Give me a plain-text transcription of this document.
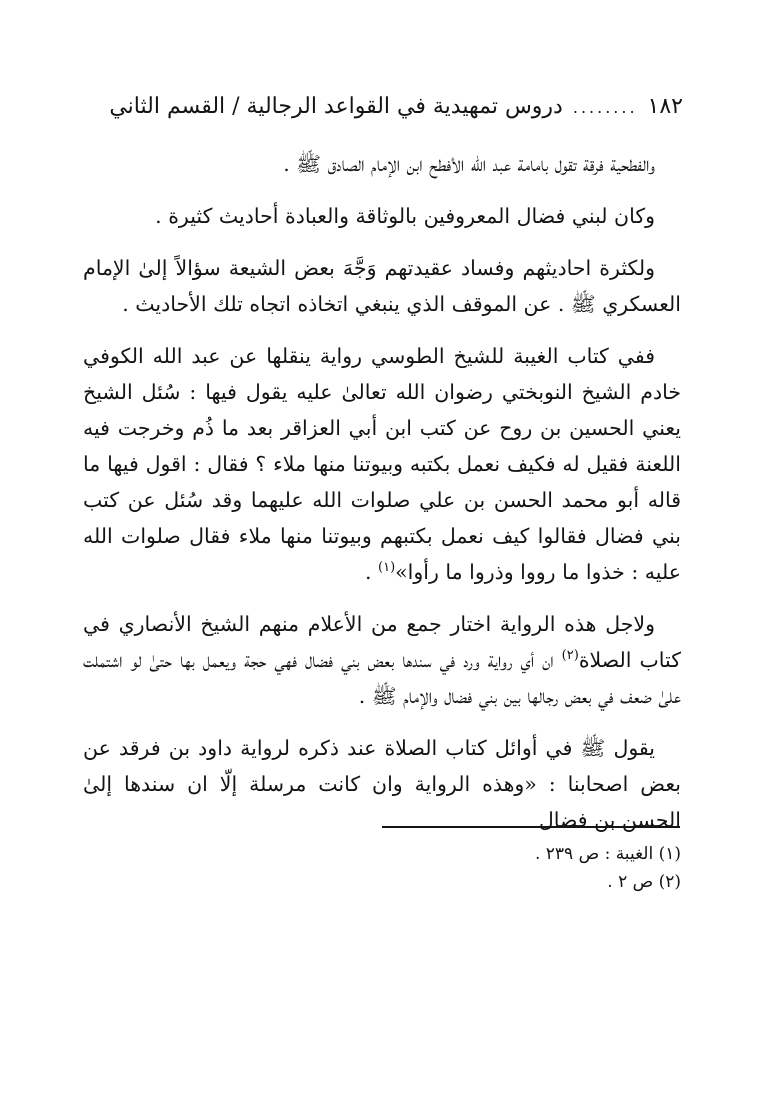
١٨٢
........
دروس تمهيدية في القواعد الرجالية / القسم الثاني

والفطحية فرقة تقول بامامة عبد الله الأفطح ابن الإمام الصادق ﷺ .

وكان لبني فضال المعروفين بالوثاقة والعبادة أحاديث كثيرة .

ولكثرة احاديثهم وفساد عقيدتهم وَجَّهَ بعض الشيعة سؤالاً إلىٰ الإمام العسكري ﷺ . عن الموقف الذي ينبغي اتخاذه اتجاه تلك الأحاديث .

ففي كتاب الغيبة للشيخ الطوسي رواية ينقلها عن عبد الله الكوفي خادم الشيخ النوبختي رضوان الله تعالىٰ عليه يقول فيها : سُئل الشيخ يعني الحسين بن روح عن كتب ابن أبي العزاقر بعد ما ذُم وخرجت فيه اللعنة فقيل له فكيف نعمل بكتبه وبيوتنا منها ملاء ؟ فقال : اقول فيها ما قاله أبو محمد الحسن بن علي صلوات الله عليهما وقد سُئل عن كتب بني فضال فقالوا كيف نعمل بكتبهم وبيوتنا منها ملاء فقال صلوات الله عليه : خذوا ما رووا وذروا ما رأوا»$^{(١)}$ .

ولاجل هذه الرواية اختار جمع من الأعلام منهم الشيخ الأنصاري في كتاب الصلاة$^{(٢)}$ ان أي رواية ورد في سندها بعض بني فضال فهي حجة ويعمل بها حتىٰ لو اشتملت علىٰ ضعف في بعض رجالها بين بني فضال والإمام ﷺ .

يقول ﷺ في أوائل كتاب الصلاة عند ذكره لرواية داود بن فرقد عن بعض اصحابنا : «وهذه الرواية وان كانت مرسلة إلّا ان سندها إلىٰ الحسن بن فضال

(١) الغيبة : ص ٢٣٩ .
(٢) ص ٢ .
